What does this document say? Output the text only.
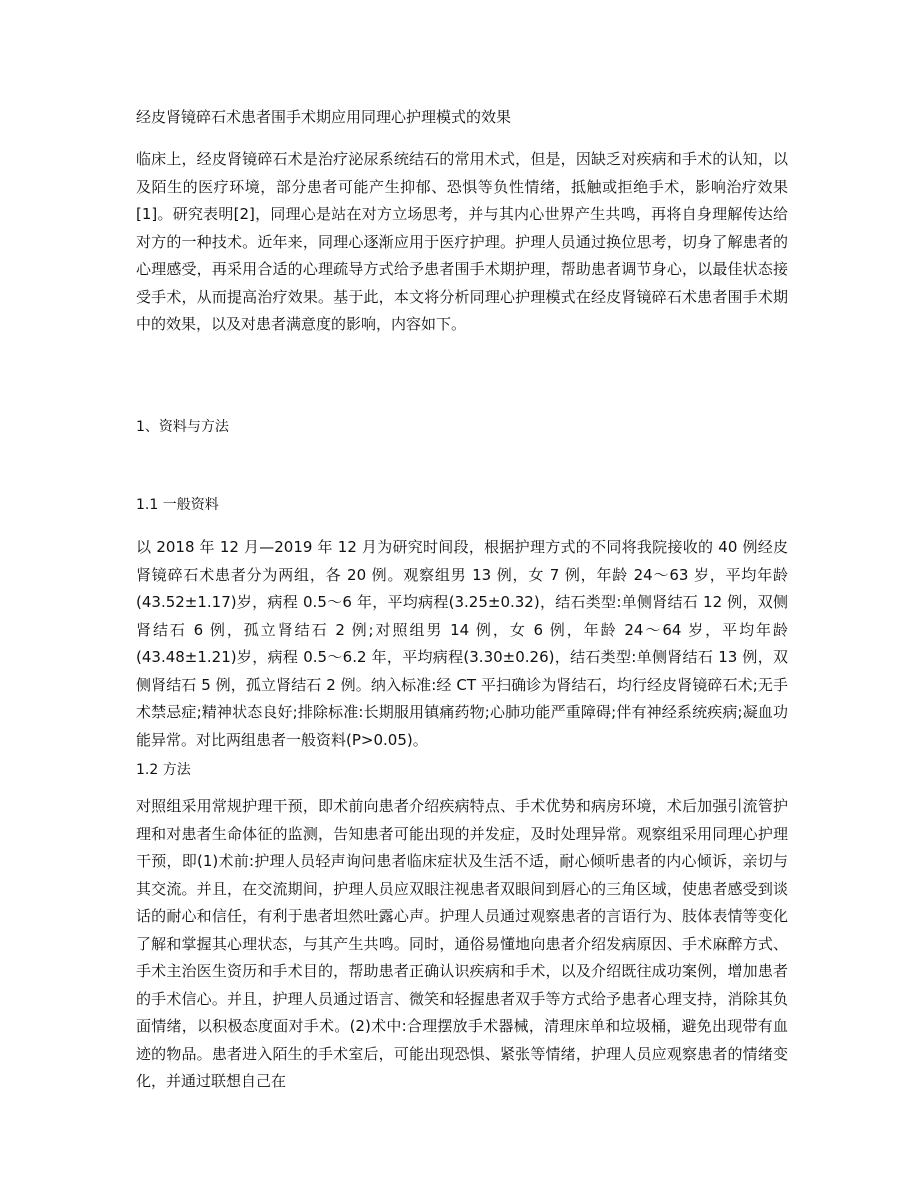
经皮肾镜碎石术患者围手术期应用同理心护理模式的效果

临床上，经皮肾镜碎石术是治疗泌尿系统结石的常用术式，但是，因缺乏对疾病和手术的认知，以及陌生的医疗环境，部分患者可能产生抑郁、恐惧等负性情绪，抵触或拒绝手术，影响治疗效果[1]。研究表明[2]，同理心是站在对方立场思考，并与其内心世界产生共鸣，再将自身理解传达给对方的一种技术。近年来，同理心逐渐应用于医疗护理。护理人员通过换位思考，切身了解患者的心理感受，再采用合适的心理疏导方式给予患者围手术期护理，帮助患者调节身心，以最佳状态接受手术，从而提高治疗效果。基于此，本文将分析同理心护理模式在经皮肾镜碎石术患者围手术期中的效果，以及对患者满意度的影响，内容如下。

1、资料与方法

1.1 一般资料

以 2018 年 12 月—2019 年 12 月为研究时间段，根据护理方式的不同将我院接收的 40 例经皮肾镜碎石术患者分为两组，各 20 例。观察组男 13 例，女 7 例，年龄 24～63 岁，平均年龄(43.52±1.17)岁，病程 0.5～6 年，平均病程(3.25±0.32)，结石类型:单侧肾结石 12 例，双侧肾结石 6 例，孤立肾结石 2 例;对照组男 14 例，女 6 例，年龄 24～64 岁，平均年龄(43.48±1.21)岁，病程 0.5～6.2 年，平均病程(3.30±0.26)，结石类型:单侧肾结石 13 例，双侧肾结石 5 例，孤立肾结石 2 例。纳入标准:经 CT 平扫确诊为肾结石，均行经皮肾镜碎石术;无手术禁忌症;精神状态良好;排除标准:长期服用镇痛药物;心肺功能严重障碍;伴有神经系统疾病;凝血功能异常。对比两组患者一般资料(P>0.05)。

1.2 方法

对照组采用常规护理干预，即术前向患者介绍疾病特点、手术优势和病房环境，术后加强引流管护理和对患者生命体征的监测，告知患者可能出现的并发症，及时处理异常。观察组采用同理心护理干预，即(1)术前:护理人员轻声询问患者临床症状及生活不适，耐心倾听患者的内心倾诉，亲切与其交流。并且，在交流期间，护理人员应双眼注视患者双眼间到唇心的三角区域，使患者感受到谈话的耐心和信任，有利于患者坦然吐露心声。护理人员通过观察患者的言语行为、肢体表情等变化了解和掌握其心理状态，与其产生共鸣。同时，通俗易懂地向患者介绍发病原因、手术麻醉方式、手术主治医生资历和手术目的，帮助患者正确认识疾病和手术，以及介绍既往成功案例，增加患者的手术信心。并且，护理人员通过语言、微笑和轻握患者双手等方式给予患者心理支持，消除其负面情绪，以积极态度面对手术。(2)术中:合理摆放手术器械，清理床单和垃圾桶，避免出现带有血迹的物品。患者进入陌生的手术室后，可能出现恐惧、紧张等情绪，护理人员应观察患者的情绪变化，并通过联想自己在
